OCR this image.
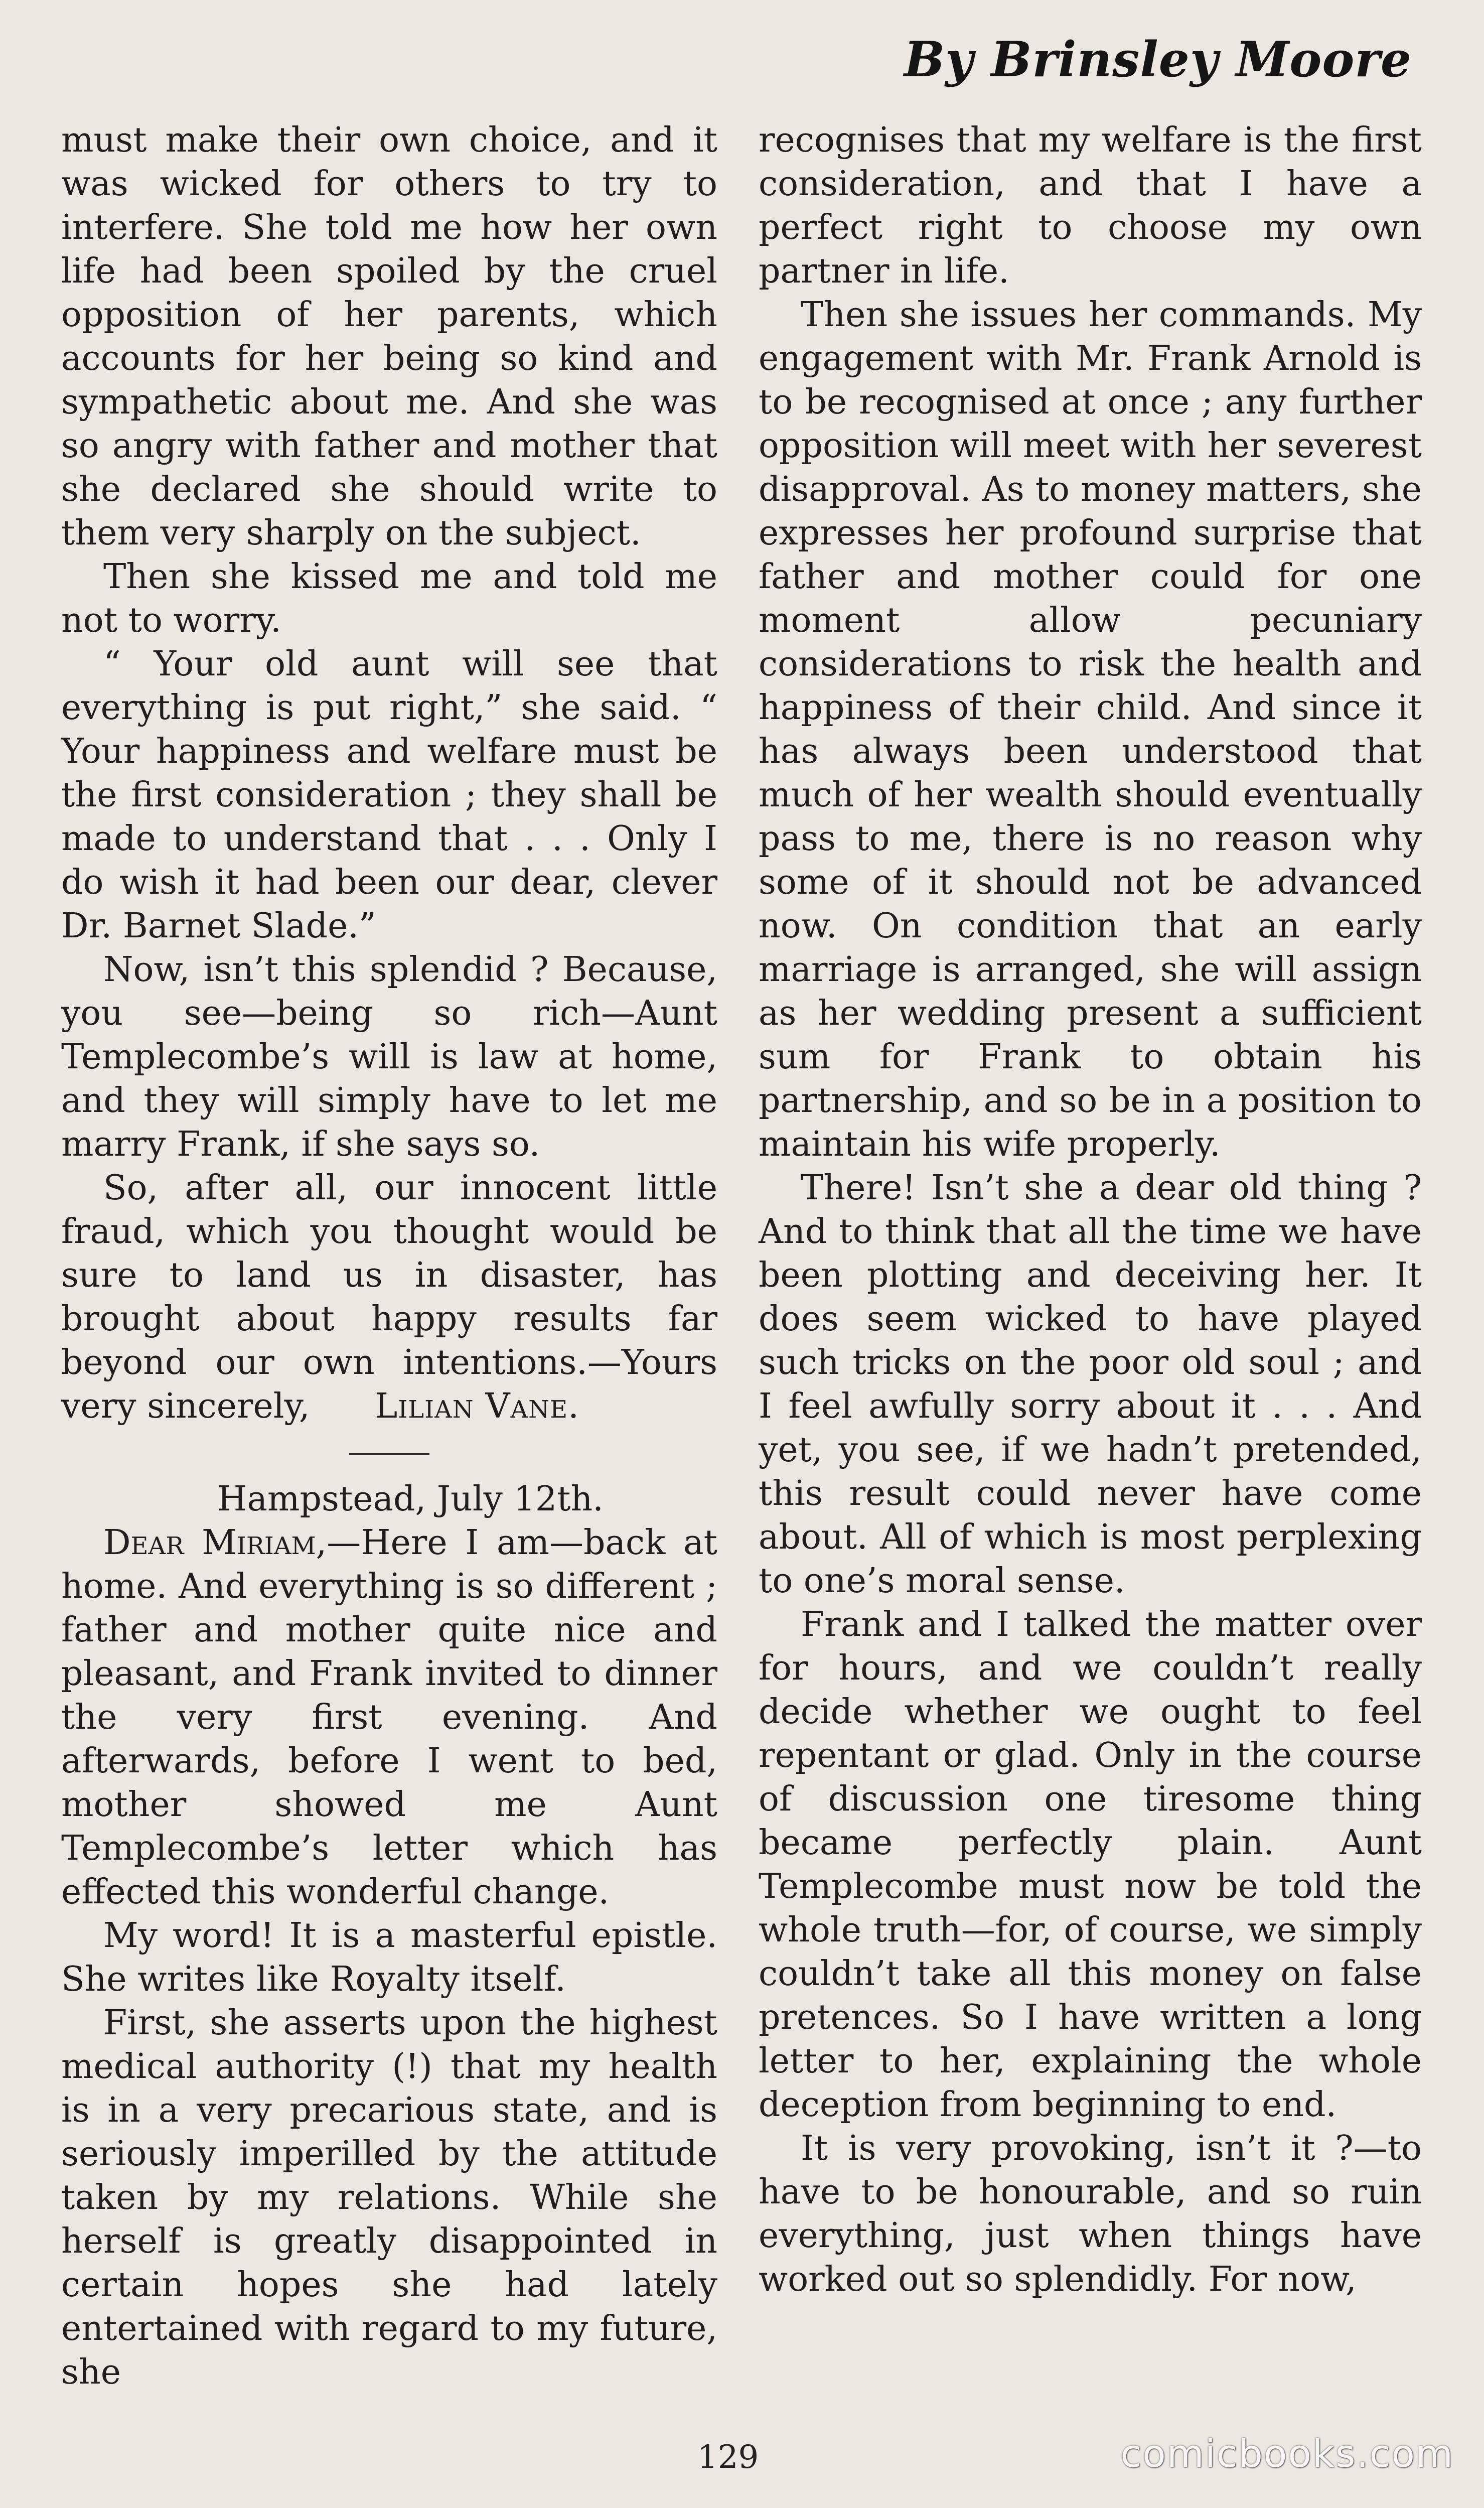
By Brinsley Moore

must make their own choice, and it was wicked for others to try to interfere. She told me how her own life had been spoiled by the cruel opposition of her parents, which accounts for her being so kind and sympathetic about me. And she was so angry with father and mother that she declared she should write to them very sharply on the subject.

Then she kissed me and told me not to worry.

“ Your old aunt will see that everything is put right,” she said. “ Your happiness and welfare must be the first consideration ; they shall be made to understand that . . . Only I do wish it had been our dear, clever Dr. Barnet Slade.”

Now, isn’t this splendid ? Because, you see—being so rich—Aunt Templecombe’s will is law at home, and they will simply have to let me marry Frank, if she says so.

So, after all, our innocent little fraud, which you thought would be sure to land us in disaster, has brought about happy results far beyond our own intentions.—Yours very sincerely, Lilian Vane.

Hampstead, July 12th.

Dear Miriam,—Here I am—back at home. And everything is so different ; father and mother quite nice and pleasant, and Frank invited to dinner the very first evening. And afterwards, before I went to bed, mother showed me Aunt Templecombe’s letter which has effected this wonderful change.

My word! It is a masterful epistle. She writes like Royalty itself.

First, she asserts upon the highest medical authority (!) that my health is in a very precarious state, and is seriously imperilled by the attitude taken by my relations. While she herself is greatly disappointed in certain hopes she had lately entertained with regard to my future, she

recognises that my welfare is the first consideration, and that I have a perfect right to choose my own partner in life.

Then she issues her commands. My engagement with Mr. Frank Arnold is to be recognised at once ; any further opposition will meet with her severest disapproval. As to money matters, she expresses her profound surprise that father and mother could for one moment allow pecuniary considerations to risk the health and happiness of their child. And since it has always been understood that much of her wealth should eventually pass to me, there is no reason why some of it should not be advanced now. On condition that an early marriage is arranged, she will assign as her wedding present a sufficient sum for Frank to obtain his partnership, and so be in a position to maintain his wife properly.

There! Isn’t she a dear old thing ? And to think that all the time we have been plotting and deceiving her. It does seem wicked to have played such tricks on the poor old soul ; and I feel awfully sorry about it . . . And yet, you see, if we hadn’t pretended, this result could never have come about. All of which is most perplexing to one’s moral sense.

Frank and I talked the matter over for hours, and we couldn’t really decide whether we ought to feel repentant or glad. Only in the course of discussion one tiresome thing became perfectly plain. Aunt Templecombe must now be told the whole truth—for, of course, we simply couldn’t take all this money on false pretences. So I have written a long letter to her, explaining the whole deception from beginning to end.

It is very provoking, isn’t it ?—to have to be honourable, and so ruin everything, just when things have worked out so splendidly. For now,

129	comicbooks.com
